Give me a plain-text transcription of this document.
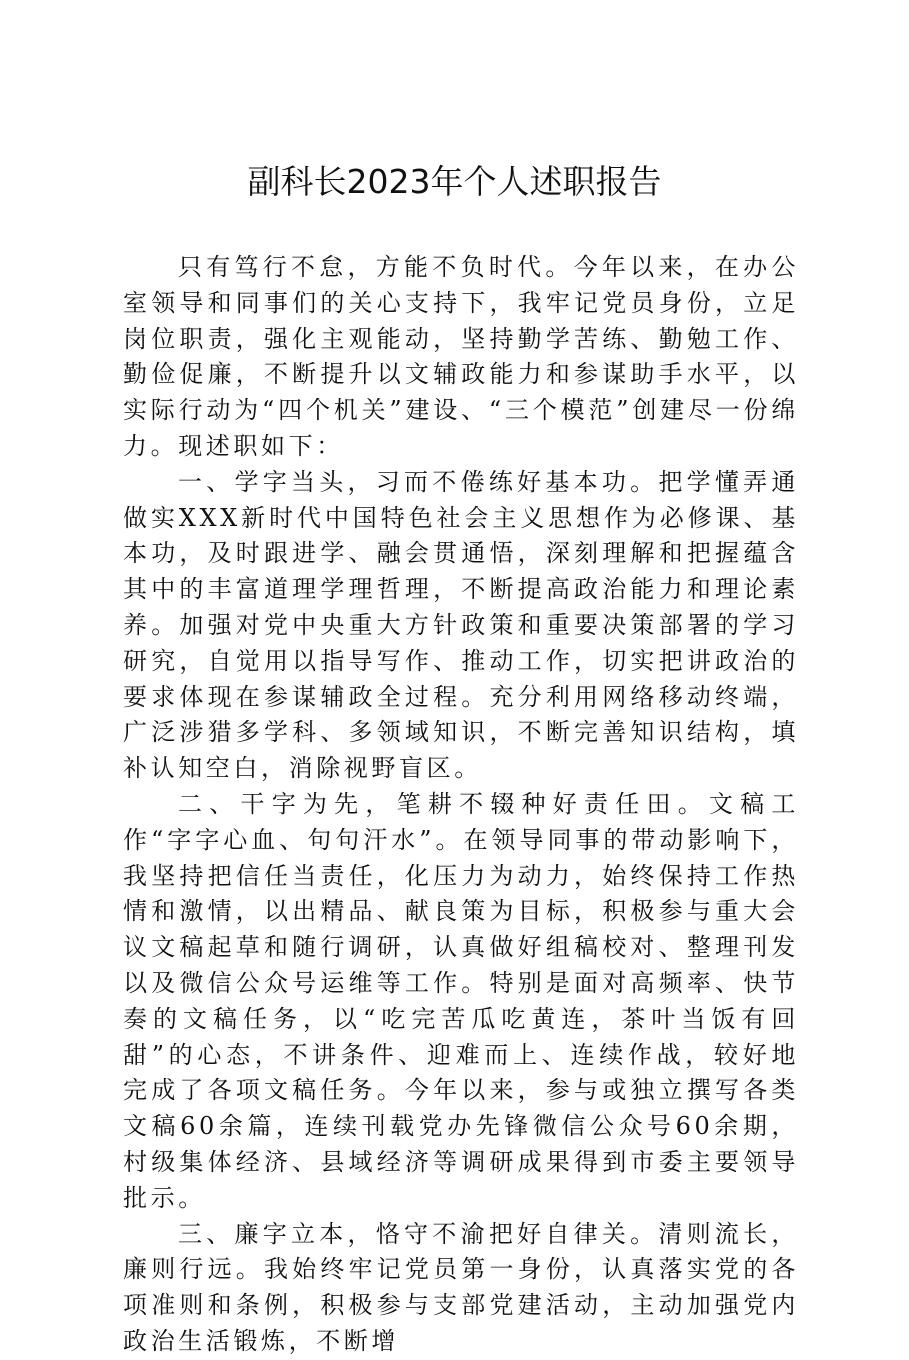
副科长2023年个人述职报告

只有笃行不怠，方能不负时代。今年以来，在办公室领导和同事们的关心支持下，我牢记党员身份，立足岗位职责，强化主观能动，坚持勤学苦练、勤勉工作、勤俭促廉，不断提升以文辅政能力和参谋助手水平，以实际行动为“四个机关”建设、“三个模范”创建尽一份绵力。现述职如下：

一、学字当头，习而不倦练好基本功。把学懂弄通做实XXX新时代中国特色社会主义思想作为必修课、基本功，及时跟进学、融会贯通悟，深刻理解和把握蕴含其中的丰富道理学理哲理，不断提高政治能力和理论素养。加强对党中央重大方针政策和重要决策部署的学习研究，自觉用以指导写作、推动工作，切实把讲政治的要求体现在参谋辅政全过程。充分利用网络移动终端，广泛涉猎多学科、多领域知识，不断完善知识结构，填补认知空白，消除视野盲区。

二、干字为先，笔耕不辍种好责任田。文稿工作“字字心血、句句汗水”。在领导同事的带动影响下，我坚持把信任当责任，化压力为动力，始终保持工作热情和激情，以出精品、献良策为目标，积极参与重大会议文稿起草和随行调研，认真做好组稿校对、整理刊发以及微信公众号运维等工作。特别是面对高频率、快节奏的文稿任务，以“吃完苦瓜吃黄连，茶叶当饭有回甜”的心态，不讲条件、迎难而上、连续作战，较好地完成了各项文稿任务。今年以来，参与或独立撰写各类文稿60余篇，连续刊载党办先锋微信公众号60余期，村级集体经济、县域经济等调研成果得到市委主要领导批示。

三、廉字立本，恪守不渝把好自律关。清则流长，廉则行远。我始终牢记党员第一身份，认真落实党的各项准则和条例，积极参与支部党建活动，主动加强党内政治生活锻炼，不断增
